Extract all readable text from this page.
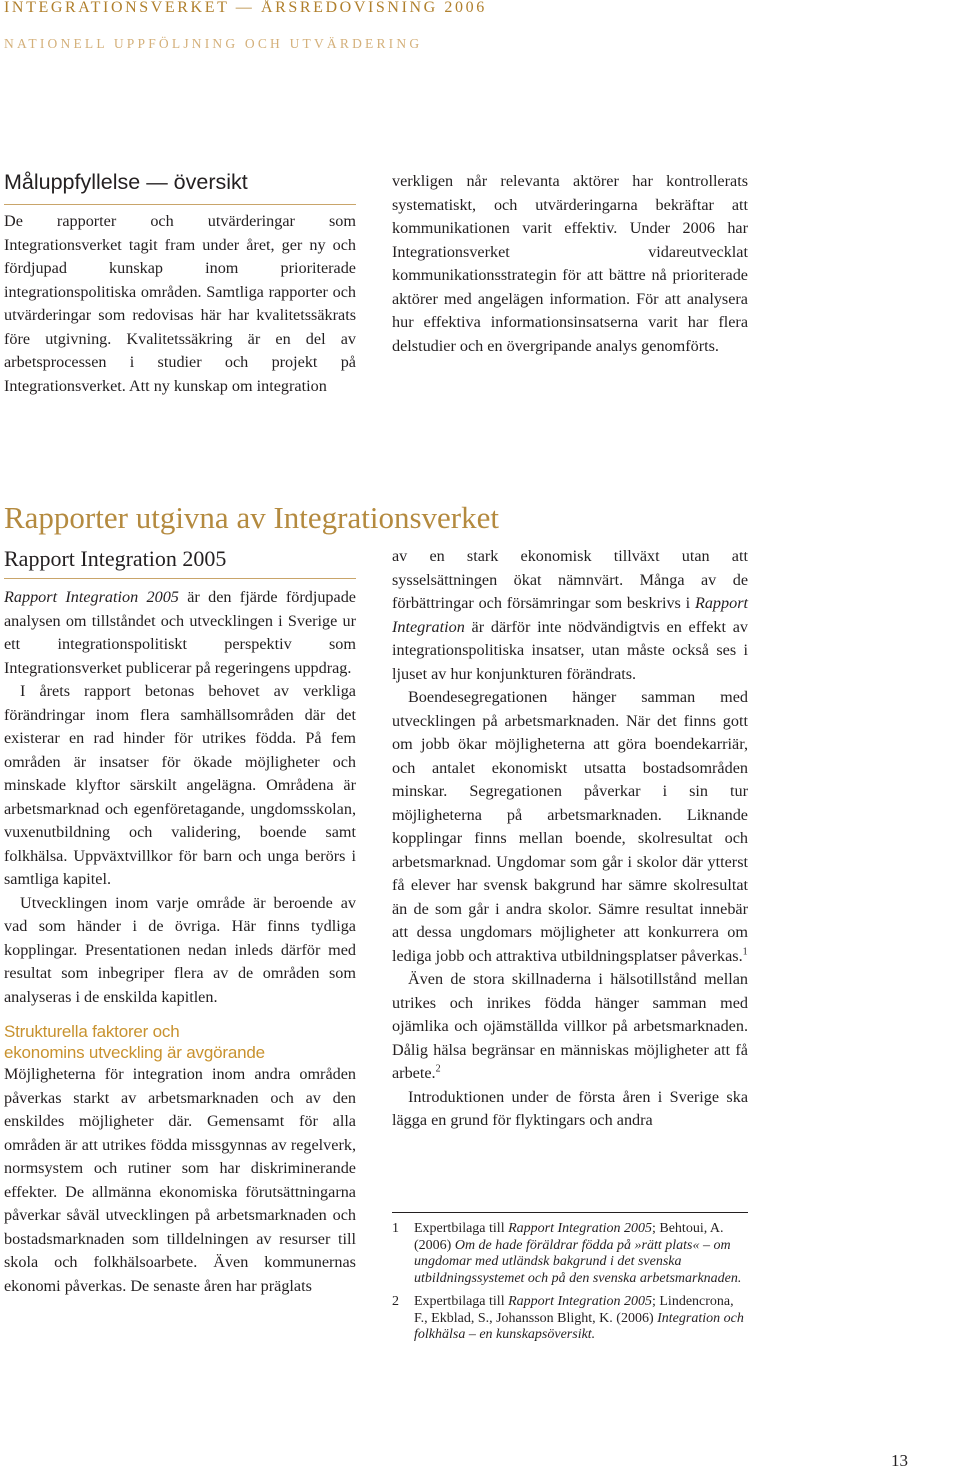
INTEGRATIONSVERKET — ÅRSREDOVISNING 2006
NATIONELL UPPFÖLJNING OCH UTVÄRDERING
Måluppfyllelse — översikt

De rapporter och utvärderingar som Integrationsverket tagit fram under året, ger ny och fördjupad kunskap inom prioriterade integrationspolitiska områden. Samtliga rapporter och utvärderingar som redovisas här har kvalitetssäkrats före utgivning. Kvalitetssäkring är en del av arbetsprocessen i studier och projekt på Integrationsverket. Att ny kunskap om integration

verkligen når relevanta aktörer har kontrollerats systematiskt, och utvärderingarna bekräftar att kommunikationen varit effektiv. Under 2006 har Integrationsverket vidareutvecklat kommunikationsstrategin för att bättre nå prioriterade aktörer med angelägen information. För att analysera hur effektiva informationsinsatserna varit har flera delstudier och en övergripande analys genomförts.

Rapporter utgivna av Integrationsverket
Rapport Integration 2005

Rapport Integration 2005 är den fjärde fördjupade analysen om tillståndet och utvecklingen i Sverige ur ett integrationspolitiskt perspektiv som Integrationsverket publicerar på regeringens uppdrag.

I årets rapport betonas behovet av verkliga förändringar inom flera samhällsområden där det existerar en rad hinder för utrikes födda. På fem områden är insatser för ökade möjligheter och minskade klyftor särskilt angelägna. Områdena är arbetsmarknad och egenföretagande, ungdomsskolan, vuxenutbildning och validering, boende samt folkhälsa. Uppväxtvillkor för barn och unga berörs i samtliga kapitel.

Utvecklingen inom varje område är beroende av vad som händer i de övriga. Här finns tydliga kopplingar. Presentationen nedan inleds därför med resultat som inbegriper flera av de områden som analyseras i de enskilda kapitlen.

Strukturella faktorer och

ekonomins utveckling är avgörande

Möjligheterna för integration inom andra områden påverkas starkt av arbetsmarknaden och av den enskildes möjligheter där. Gemensamt för alla områden är att utrikes födda missgynnas av regelverk, normsystem och rutiner som har diskriminerande effekter. De allmänna ekonomiska förutsättningarna påverkar såväl utvecklingen på arbetsmarknaden och bostadsmarknaden som tilldelningen av resurser till skola och folkhälsoarbete. Även kommunernas ekonomi påverkas. De senaste åren har präglats

av en stark ekonomisk tillväxt utan att sysselsättningen ökat nämnvärt. Många av de förbättringar och försämringar som beskrivs i Rapport Integration är därför inte nödvändigtvis en effekt av integrationspolitiska insatser, utan måste också ses i ljuset av hur konjunkturen förändrats.

Boendesegregationen hänger samman med utvecklingen på arbetsmarknaden. När det finns gott om jobb ökar möjligheterna att göra boendekarriär, och antalet ekonomiskt utsatta bostadsområden minskar. Segregationen påverkar i sin tur möjligheterna på arbetsmarknaden. Liknande kopplingar finns mellan boende, skolresultat och arbetsmarknad. Ungdomar som går i skolor där ytterst få elever har svensk bakgrund har sämre skolresultat än de som går i andra skolor. Sämre resultat innebär att dessa ungdomars möjligheter att konkurrera om lediga jobb och attraktiva utbildningsplatser påverkas.$^1$

Även de stora skillnaderna i hälsotillstånd mellan utrikes och inrikes födda hänger samman med ojämlika och ojämställda villkor på arbetsmarknaden. Dålig hälsa begränsar en människas möjligheter att få arbete.$^2$

Introduktionen under de första åren i Sverige ska lägga en grund för flyktingars och andra

1 Expertbilaga till Rapport Integration 2005; Behtoui, A. (2006) Om de hade föräldrar födda på »rätt plats« – om ungdomar med utländsk bakgrund i det svenska utbildningssystemet och på den svenska arbetsmarknaden.

2 Expertbilaga till Rapport Integration 2005; Lindencrona, F., Ekblad, S., Johansson Blight, K. (2006) Integration och folkhälsa – en kunskapsöversikt.

13
